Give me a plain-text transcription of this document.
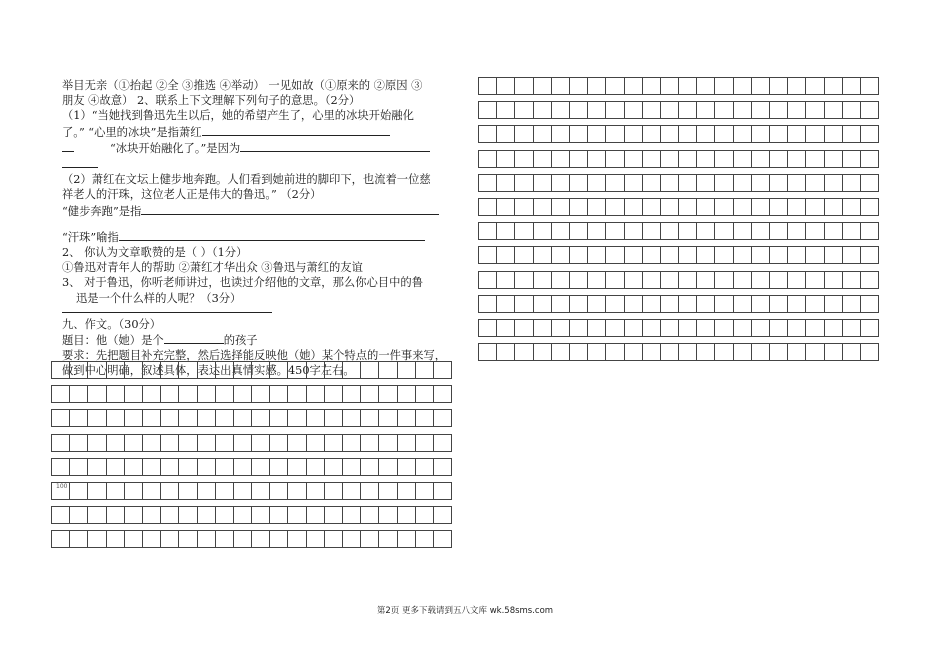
举目无亲（①抬起 ②全 ③推选 ④举动） 一见如故（①原来的 ②原因 ③
朋友 ④故意） 2、联系上下文理解下列句子的意思。（2分）
（1）“当她找到鲁迅先生以后，她的希望产生了，心里的冰块开始融化
了。” “心里的冰块”是指萧红
“冰块开始融化了。”是因为
（2）萧红在文坛上健步地奔跑。人们看到她前进的脚印下，也流着一位慈
祥老人的汗珠，这位老人正是伟大的鲁迅。” （2分）
“健步奔跑”是指
“汗珠”喻指
2、 你认为文章歌赞的是（ ）（1分）
①鲁迅对青年人的帮助 ②萧红才华出众 ③鲁迅与萧红的友谊
3、 对于鲁迅，你听老师讲过，也读过介绍他的文章，那么你心目中的鲁
迅是一个什么样的人呢？（3分）
九、作文。（30分）
题目：他（她）是个	的孩子
要求：先把题目补充完整，然后选择能反映他（她）某个特点的一件事来写，
做到中心明确，叙述具体，表达出真情实感。450字左右。

100
第2页 更多下载请到五八文库 wk.58sms.com
